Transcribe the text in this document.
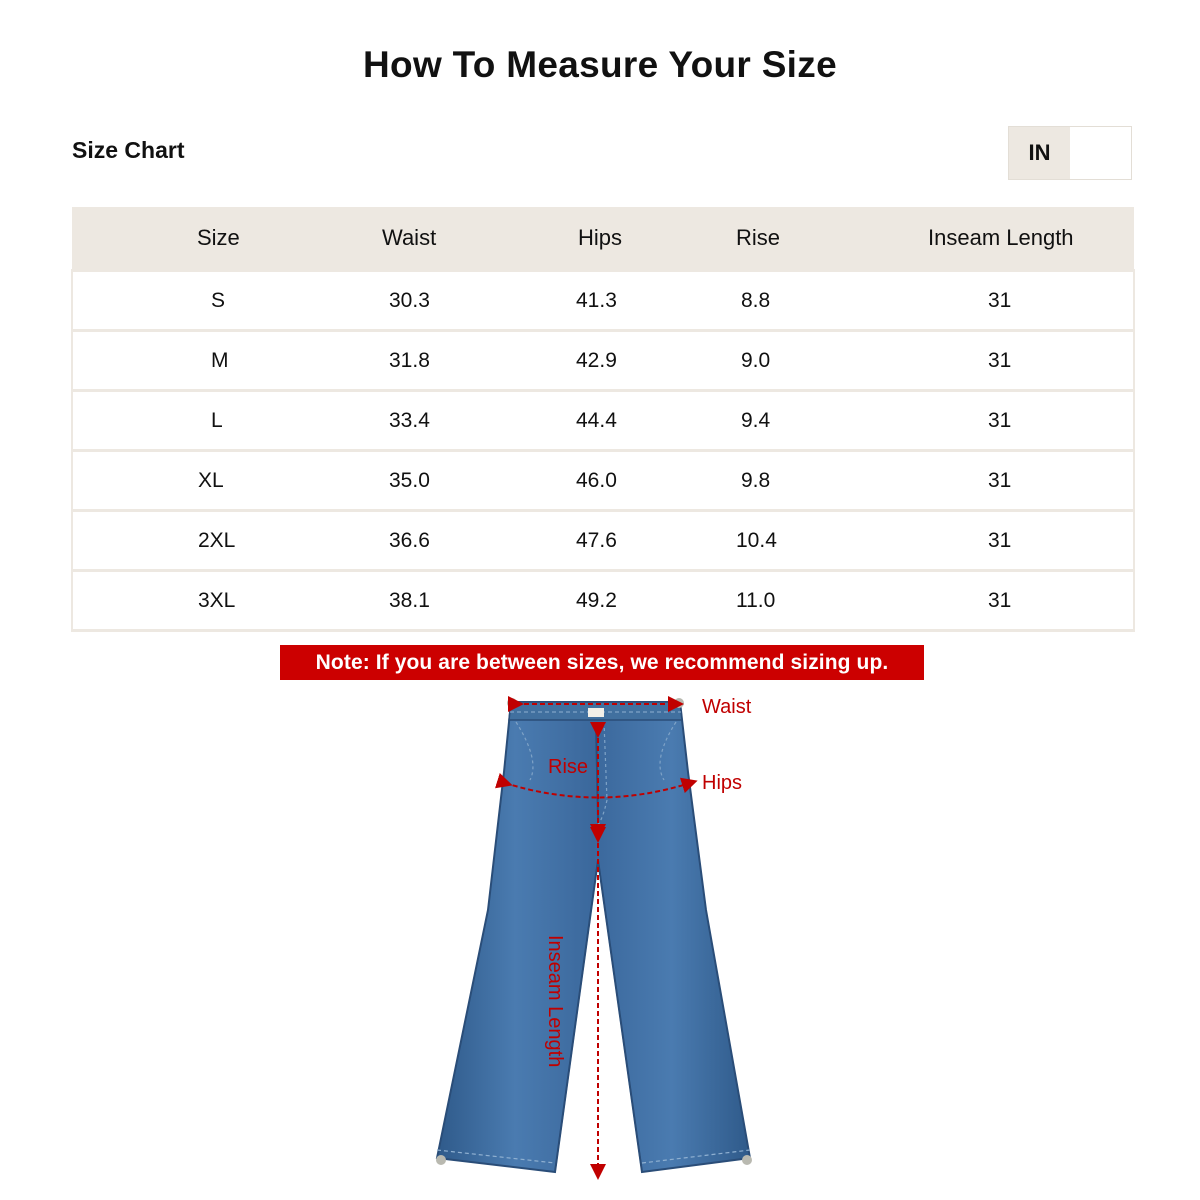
How To Measure Your Size
Size Chart	IN
Size	Waist	Hips	Rise	Inseam Length
S	30.3	41.3	8.8	31
M	31.8	42.9	9.0	31
L	33.4	44.4	9.4	31
XL	35.0	46.0	9.8	31
2XL	36.6	47.6	10.4	31
3XL	38.1	49.2	11.0	31
Note: If you are between sizes, we recommend sizing up.
Waist
Hips
Rise
Inseam Length
